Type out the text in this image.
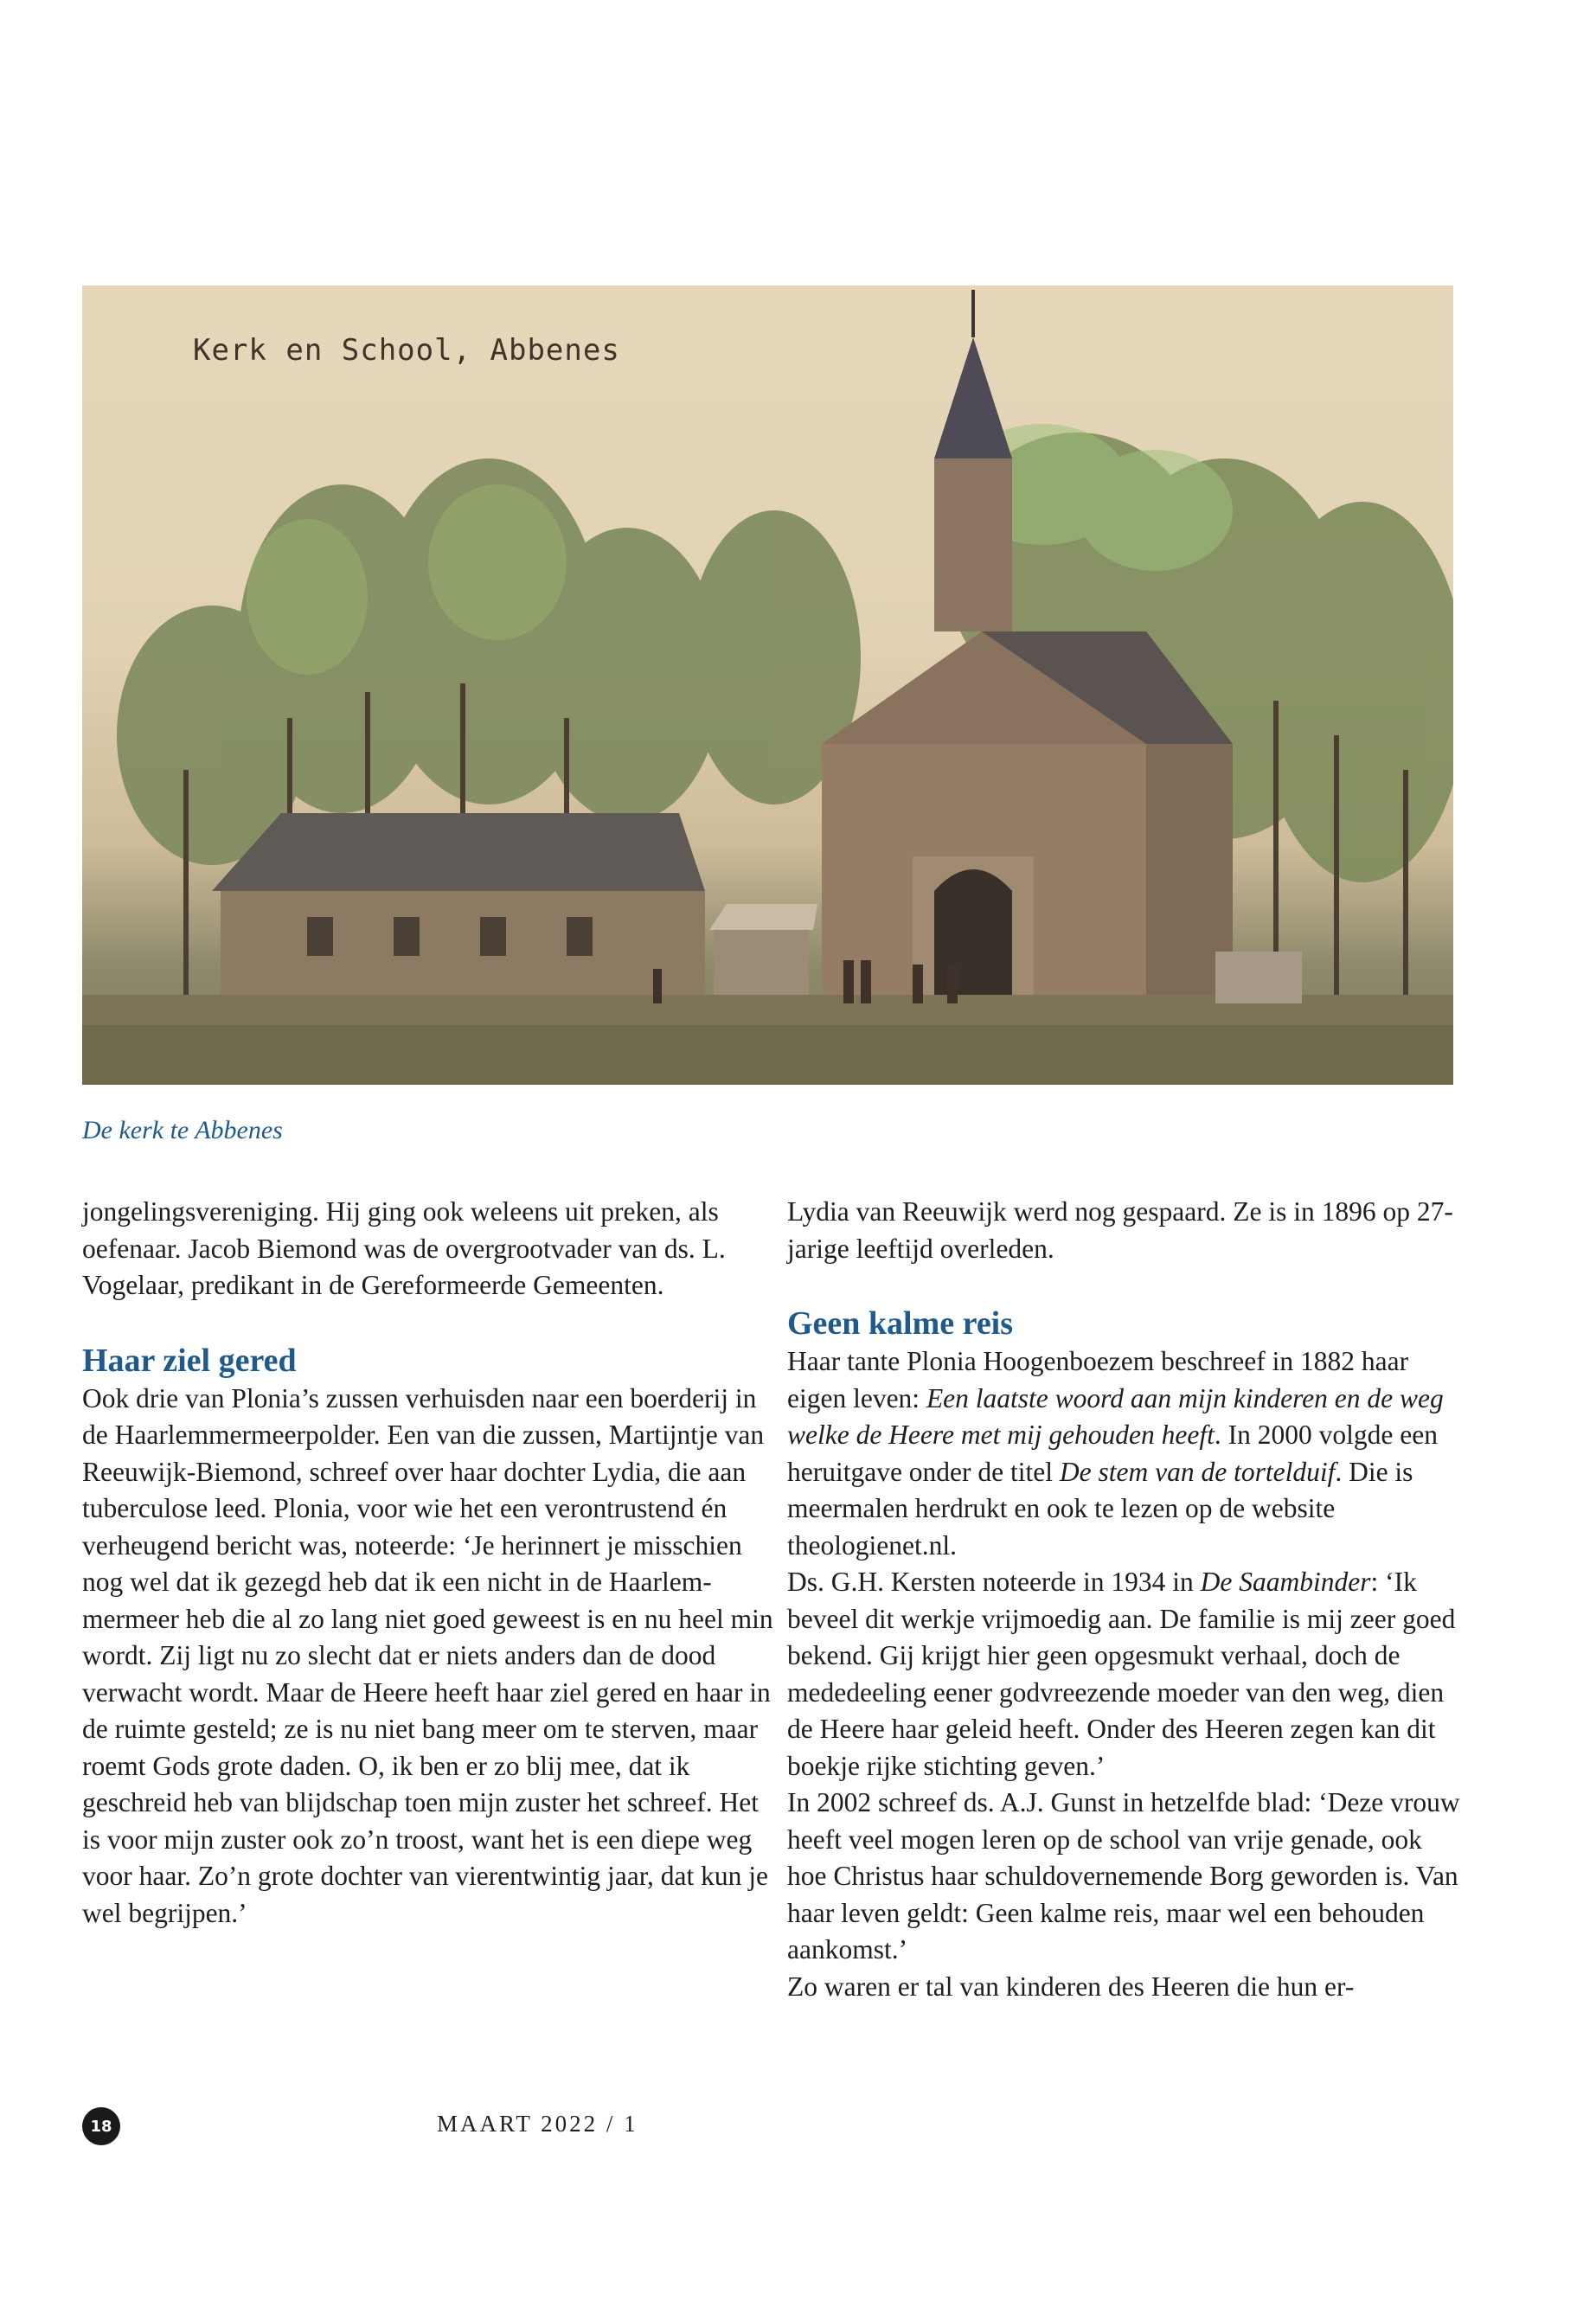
Kerk en School, Abbenes
De kerk te Abbenes

jongelingsvereniging. Hij ging ook weleens uit preken, als oefenaar. Jacob Biemond was de overgrootvader van ds. L. Vogelaar, predikant in de Gereformeerde Gemeenten.

Haar ziel gered

Ook drie van Plonia’s zussen verhuisden naar een boerderij in de Haarlemmermeerpolder. Een van die zussen, Martijntje van Reeuwijk-Biemond, schreef over haar dochter Lydia, die aan tuberculose leed. Plonia, voor wie het een verontrustend én verheugend bericht was, noteerde: ‘Je herinnert je misschien nog wel dat ik gezegd heb dat ik een nicht in de Haarlemmermeer heb die al zo lang niet goed geweest is en nu heel min wordt. Zij ligt nu zo slecht dat er niets anders dan de dood verwacht wordt. Maar de Heere heeft haar ziel gered en haar in de ruimte gesteld; ze is nu niet bang meer om te sterven, maar roemt Gods grote daden. O, ik ben er zo blij mee, dat ik geschreid heb van blijdschap toen mijn zuster het schreef. Het is voor mijn zuster ook zo’n troost, want het is een diepe weg voor haar. Zo’n grote dochter van vierentwintig jaar, dat kun je wel begrijpen.’

Lydia van Reeuwijk werd nog gespaard. Ze is in 1896 op 27-jarige leeftijd overleden.

Geen kalme reis

Haar tante Plonia Hoogenboezem beschreef in 1882 haar eigen leven: Een laatste woord aan mijn kinderen en de weg welke de Heere met mij gehouden heeft. In 2000 volgde een heruitgave onder de titel De stem van de tortelduif. Die is meermalen herdrukt en ook te lezen op de website theologienet.nl.

Ds. G.H. Kersten noteerde in 1934 in De Saambinder: ‘Ik beveel dit werkje vrijmoedig aan. De familie is mij zeer goed bekend. Gij krijgt hier geen opgesmukt verhaal, doch de mededeeling eener godvreezende moeder van den weg, dien de Heere haar geleid heeft. Onder des Heeren zegen kan dit boekje rijke stichting geven.’

In 2002 schreef ds. A.J. Gunst in hetzelfde blad: ‘Deze vrouw heeft veel mogen leren op de school van vrije genade, ook hoe Christus haar schuldovernemende Borg geworden is. Van haar leven geldt: Geen kalme reis, maar wel een behouden aankomst.’

Zo waren er tal van kinderen des Heeren die hun er-

18	MAART 2022 / 1
